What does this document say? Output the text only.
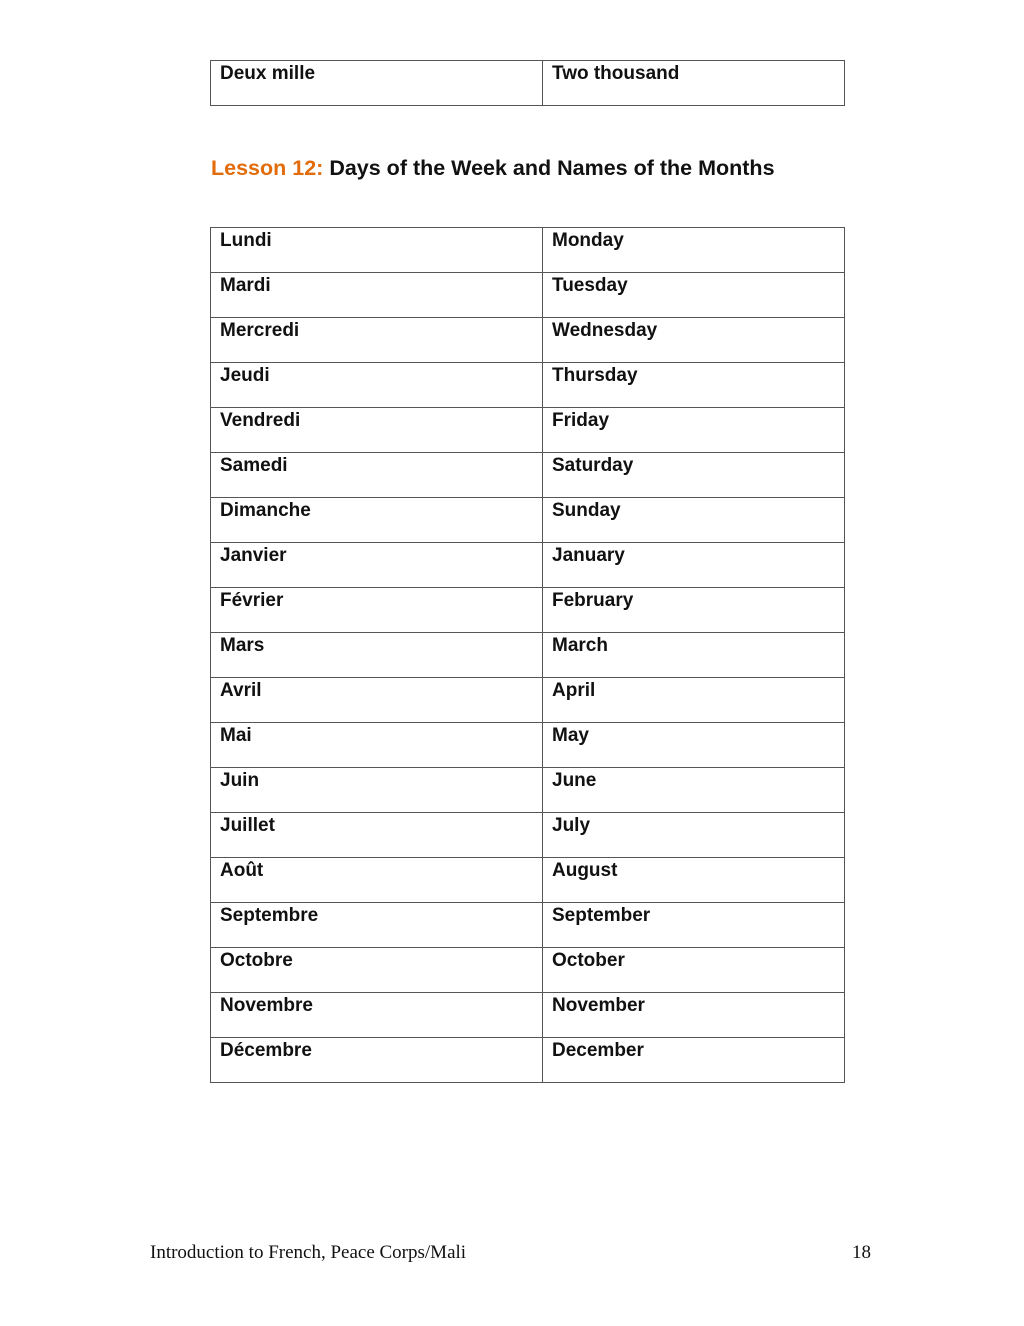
Deux mille	Two thousand
Lesson 12: Days of the Week and Names of the Months
Lundi	Monday

Mardi	Tuesday

Mercredi	Wednesday

Jeudi	Thursday

Vendredi	Friday

Samedi	Saturday

Dimanche	Sunday

Janvier	January

Février	February

Mars	March

Avril	April

Mai	May

Juin	June

Juillet	July

Août	August

Septembre	September

Octobre	October

Novembre	November

Décembre	December
Introduction to French, Peace Corps/Mali	18
